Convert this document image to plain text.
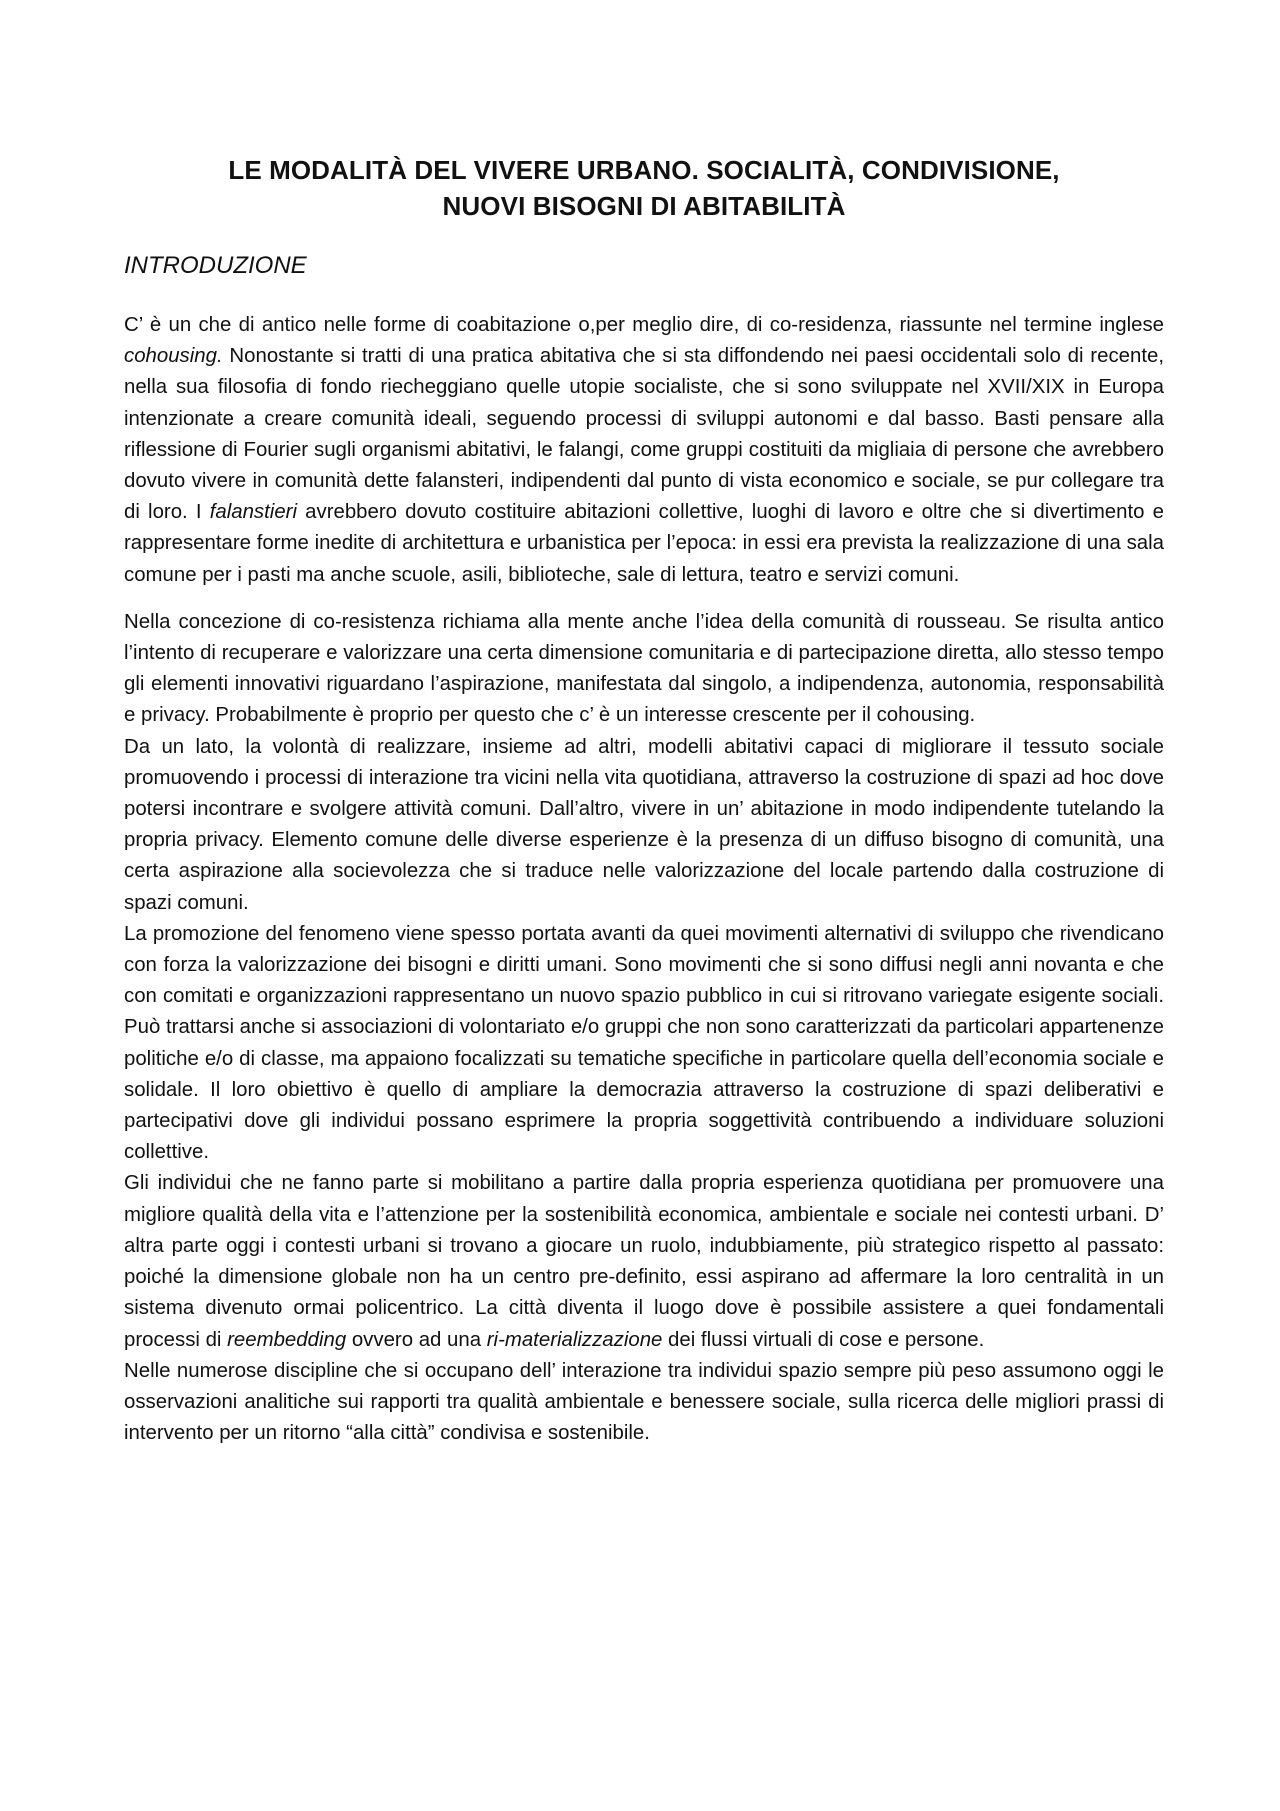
LE MODALITÀ DEL VIVERE URBANO. SOCIALITÀ, CONDIVISIONE,
NUOVI BISOGNI DI ABITABILITÀ
INTRODUZIONE

C’ è un che di antico nelle forme di coabitazione o,per meglio dire, di co-residenza, riassunte nel termine inglese cohousing. Nonostante si tratti di una pratica abitativa che si sta diffondendo nei paesi occidentali solo di recente, nella sua filosofia di fondo riecheggiano quelle utopie socialiste, che si sono sviluppate nel XVII/XIX in Europa intenzionate a creare comunità ideali, seguendo processi di sviluppi autonomi e dal basso. Basti pensare alla riflessione di Fourier sugli organismi abitativi, le falangi, come gruppi costituiti da migliaia di persone che avrebbero dovuto vivere in comunità dette falansteri, indipendenti dal punto di vista economico e sociale, se pur collegare tra di loro. I falanstieri avrebbero dovuto costituire abitazioni collettive, luoghi di lavoro e oltre che si divertimento e rappresentare forme inedite di architettura e urbanistica per l’epoca: in essi era prevista la realizzazione di una sala comune per i pasti ma anche scuole, asili, biblioteche, sale di lettura, teatro e servizi comuni.

Nella concezione di co-resistenza richiama alla mente anche l’idea della comunità di rousseau. Se risulta antico l’intento di recuperare e valorizzare una certa dimensione comunitaria e di partecipazione diretta, allo stesso tempo gli elementi innovativi riguardano l’aspirazione, manifestata dal singolo, a indipendenza, autonomia, responsabilità e privacy. Probabilmente è proprio per questo che c’ è un interesse crescente per il cohousing.

Da un lato, la volontà di realizzare, insieme ad altri, modelli abitativi capaci di migliorare il tessuto sociale promuovendo i processi di interazione tra vicini nella vita quotidiana, attraverso la costruzione di spazi ad hoc dove potersi incontrare e svolgere attività comuni. Dall’altro, vivere in un’ abitazione in modo indipendente tutelando la propria privacy. Elemento comune delle diverse esperienze è la presenza di un diffuso bisogno di comunità, una certa aspirazione alla socievolezza che si traduce nelle valorizzazione del locale partendo dalla costruzione di spazi comuni.

La promozione del fenomeno viene spesso portata avanti da quei movimenti alternativi di sviluppo che rivendicano con forza la valorizzazione dei bisogni e diritti umani. Sono movimenti che si sono diffusi negli anni novanta e che con comitati e organizzazioni rappresentano un nuovo spazio pubblico in cui si ritrovano variegate esigente sociali. Può trattarsi anche si associazioni di volontariato e/o gruppi che non sono caratterizzati da particolari appartenenze politiche e/o di classe, ma appaiono focalizzati su tematiche specifiche in particolare quella dell’economia sociale e solidale. Il loro obiettivo è quello di ampliare la democrazia attraverso la costruzione di spazi deliberativi e partecipativi dove gli individui possano esprimere la propria soggettività contribuendo a individuare soluzioni collettive.

Gli individui che ne fanno parte si mobilitano a partire dalla propria esperienza quotidiana per promuovere una migliore qualità della vita e l’attenzione per la sostenibilità economica, ambientale e sociale nei contesti urbani. D’ altra parte oggi i contesti urbani si trovano a giocare un ruolo, indubbiamente, più strategico rispetto al passato: poiché la dimensione globale non ha un centro pre-definito, essi aspirano ad affermare la loro centralità in un sistema divenuto ormai policentrico. La città diventa il luogo dove è possibile assistere a quei fondamentali processi di reembedding ovvero ad una ri-materializzazione dei flussi virtuali di cose e persone.

Nelle numerose discipline che si occupano dell’ interazione tra individui spazio sempre più peso assumono oggi le osservazioni analitiche sui rapporti tra qualità ambientale e benessere sociale, sulla ricerca delle migliori prassi di intervento per un ritorno “alla città” condivisa e sostenibile.
